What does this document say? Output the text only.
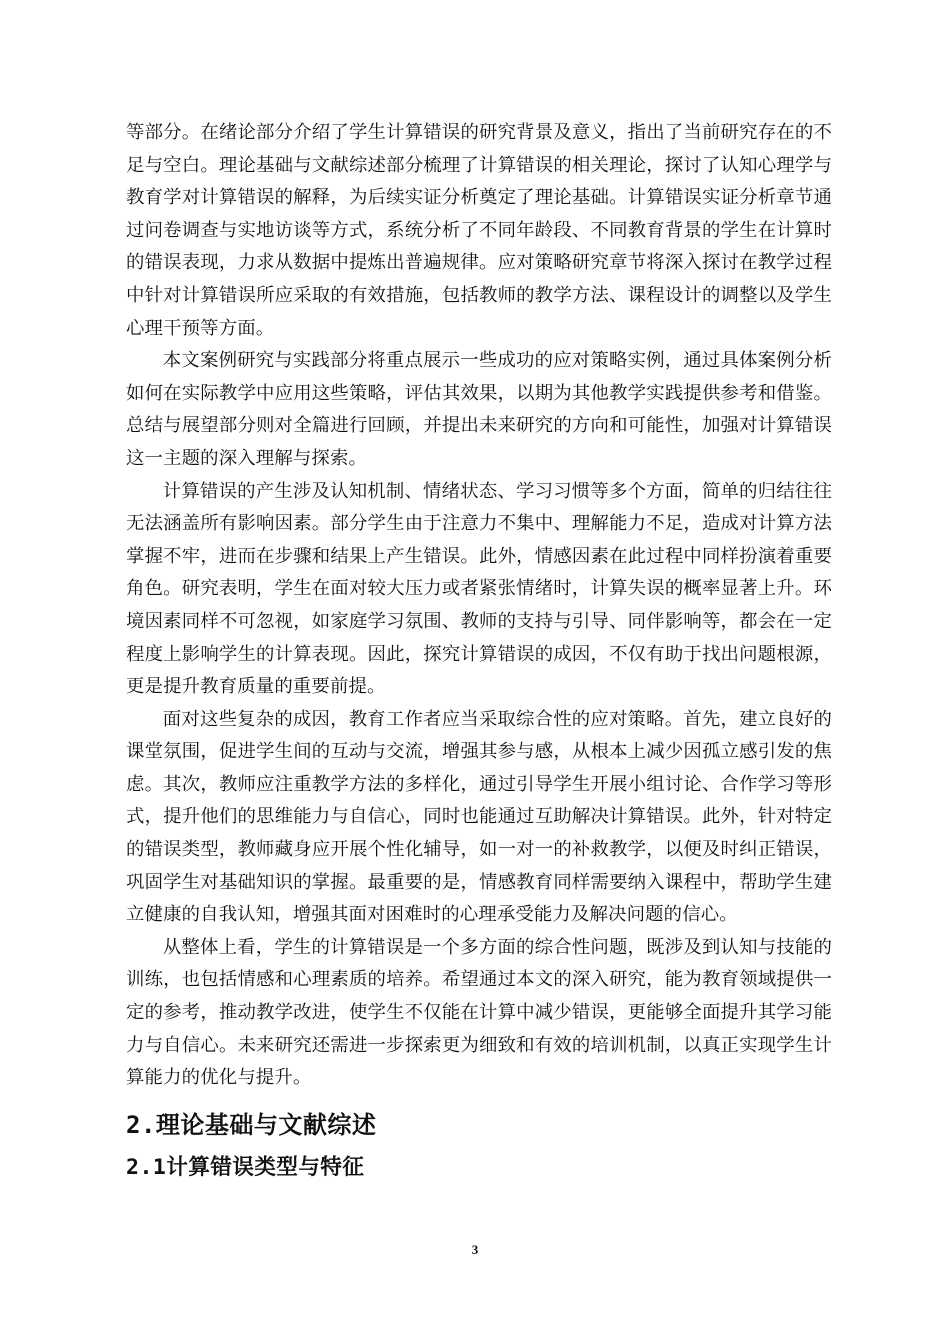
等部分。在绪论部分介绍了学生计算错误的研究背景及意义，指出了当前研究存在的不足与空白。理论基础与文献综述部分梳理了计算错误的相关理论，探讨了认知心理学与教育学对计算错误的解释，为后续实证分析奠定了理论基础。计算错误实证分析章节通过问卷调查与实地访谈等方式，系统分析了不同年龄段、不同教育背景的学生在计算时的错误表现，力求从数据中提炼出普遍规律。应对策略研究章节将深入探讨在教学过程中针对计算错误所应采取的有效措施，包括教师的教学方法、课程设计的调整以及学生心理干预等方面。

本文案例研究与实践部分将重点展示一些成功的应对策略实例，通过具体案例分析如何在实际教学中应用这些策略，评估其效果，以期为其他教学实践提供参考和借鉴。总结与展望部分则对全篇进行回顾，并提出未来研究的方向和可能性，加强对计算错误这一主题的深入理解与探索。

计算错误的产生涉及认知机制、情绪状态、学习习惯等多个方面，简单的归结往往无法涵盖所有影响因素。部分学生由于注意力不集中、理解能力不足，造成对计算方法掌握不牢，进而在步骤和结果上产生错误。此外，情感因素在此过程中同样扮演着重要角色。研究表明，学生在面对较大压力或者紧张情绪时，计算失误的概率显著上升。环境因素同样不可忽视，如家庭学习氛围、教师的支持与引导、同伴影响等，都会在一定程度上影响学生的计算表现。因此，探究计算错误的成因，不仅有助于找出问题根源，更是提升教育质量的重要前提。

面对这些复杂的成因，教育工作者应当采取综合性的应对策略。首先，建立良好的课堂氛围，促进学生间的互动与交流，增强其参与感，从根本上减少因孤立感引发的焦虑。其次，教师应注重教学方法的多样化，通过引导学生开展小组讨论、合作学习等形式，提升他们的思维能力与自信心，同时也能通过互助解决计算错误。此外，针对特定的错误类型，教师藏身应开展个性化辅导，如一对一的补救教学，以便及时纠正错误，巩固学生对基础知识的掌握。最重要的是，情感教育同样需要纳入课程中，帮助学生建立健康的自我认知，增强其面对困难时的心理承受能力及解决问题的信心。

从整体上看，学生的计算错误是一个多方面的综合性问题，既涉及到认知与技能的训练，也包括情感和心理素质的培养。希望通过本文的深入研究，能为教育领域提供一定的参考，推动教学改进，使学生不仅能在计算中减少错误，更能够全面提升其学习能力与自信心。未来研究还需进一步探索更为细致和有效的培训机制，以真正实现学生计算能力的优化与提升。

2.理论基础与文献综述
2.1计算错误类型与特征
3
